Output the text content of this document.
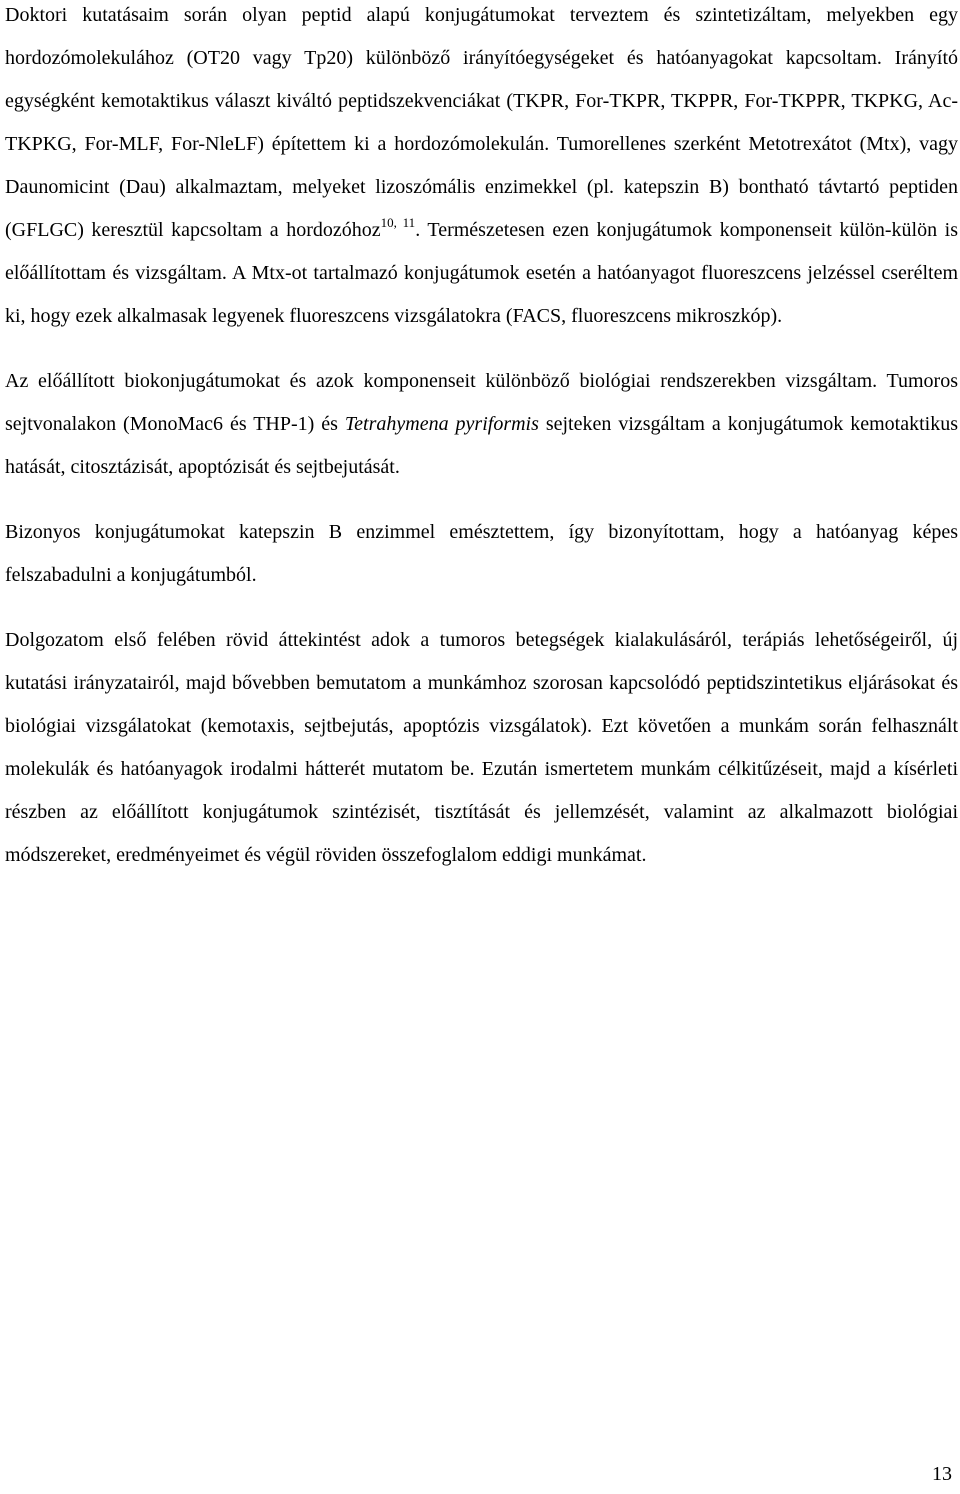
Doktori kutatásaim során olyan peptid alapú konjugátumokat terveztem és szintetizáltam, melyekben egy hordozómolekulához (OT20 vagy Tp20) különböző irányítóegységeket és hatóanyagokat kapcsoltam. Irányító egységként kemotaktikus választ kiváltó peptidszekvenciákat (TKPR, For-TKPR, TKPPR, For-TKPPR, TKPKG, Ac-TKPKG, For-MLF, For-NleLF) építettem ki a hordozómolekulán. Tumorellenes szerként Metotrexátot (Mtx), vagy Daunomicint (Dau) alkalmaztam, melyeket lizoszómális enzimekkel (pl. katepszin B) bontható távtartó peptiden (GFLGC) keresztül kapcsoltam a hordozóhoz$^{10, 11}$. Természetesen ezen konjugátumok komponenseit külön-külön is előállítottam és vizsgáltam. A Mtx-ot tartalmazó konjugátumok esetén a hatóanyagot fluoreszcens jelzéssel cseréltem ki, hogy ezek alkalmasak legyenek fluoreszcens vizsgálatokra (FACS, fluoreszcens mikroszkóp).

Az előállított biokonjugátumokat és azok komponenseit különböző biológiai rendszerekben vizsgáltam. Tumoros sejtvonalakon (MonoMac6 és THP-1) és Tetrahymena pyriformis sejteken vizsgáltam a konjugátumok kemotaktikus hatását, citosztázisát, apoptózisát és sejtbejutását.

Bizonyos konjugátumokat katepszin B enzimmel emésztettem, így bizonyítottam, hogy a hatóanyag képes felszabadulni a konjugátumból.

Dolgozatom első felében rövid áttekintést adok a tumoros betegségek kialakulásáról, terápiás lehetőségeiről, új kutatási irányzatairól, majd bővebben bemutatom a munkámhoz szorosan kapcsolódó peptidszintetikus eljárásokat és biológiai vizsgálatokat (kemotaxis, sejtbejutás, apoptózis vizsgálatok). Ezt követően a munkám során felhasznált molekulák és hatóanyagok irodalmi hátterét mutatom be. Ezután ismertetem munkám célkitűzéseit, majd a kísérleti részben az előállított konjugátumok szintézisét, tisztítását és jellemzését, valamint az alkalmazott biológiai módszereket, eredményeimet és végül röviden összefoglalom eddigi munkámat.

13
